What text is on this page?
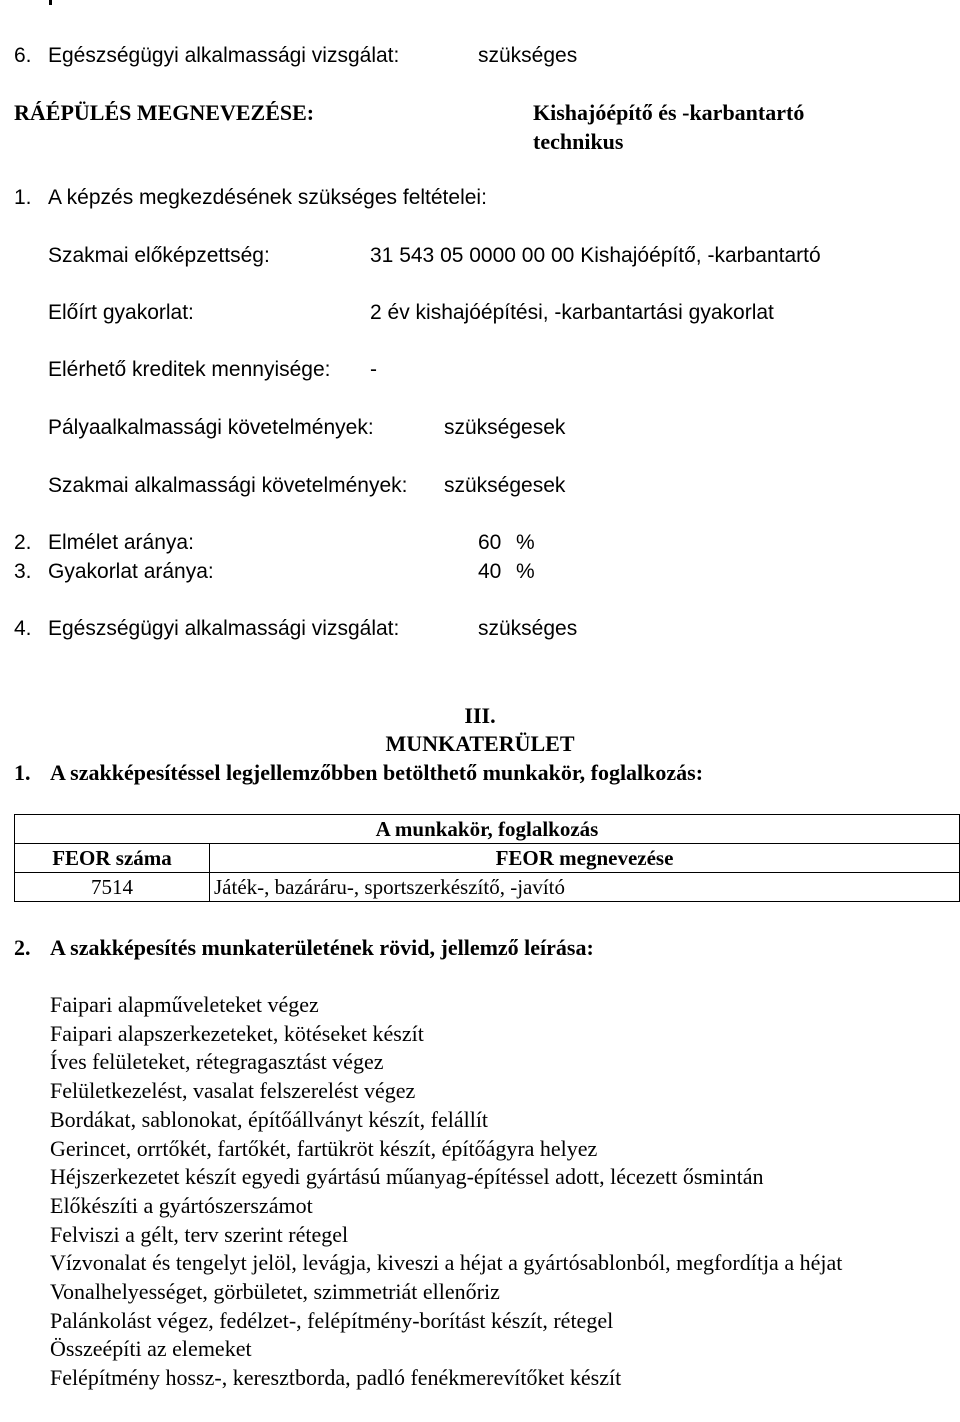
6. Egészségügyi alkalmassági vizsgálat:	szükséges
RÁÉPÜLÉS MEGNEVEZÉSE:	Kishajóépítő és -karbantartó
technikus
1. A képzés megkezdésének szükséges feltételei:
Szakmai előképzettség:	31 543 05 0000 00 00 Kishajóépítő, -karbantartó
Előírt gyakorlat:	2 év kishajóépítési, -karbantartási gyakorlat
Elérhető kreditek mennyisége: -
Pályaalkalmassági követelmények:	szükségesek
Szakmai alkalmassági követelmények: szükségesek
2. Elmélet aránya:	60 %
3. Gyakorlat aránya:	40 %
4. Egészségügyi alkalmassági vizsgálat:	szükséges
III.
MUNKATERÜLET
1. A szakképesítéssel legjellemzőbben betölthető munkakör, foglalkozás:
A munkakör, foglalkozás	
FEOR száma	FEOR megnevezése
7514	Játék-, bazáráru-, sportszerkészítő, -javító
2. A szakképesítés munkaterületének rövid, jellemző leírása:
Faipari alapműveleteket végez
Faipari alapszerkezeteket, kötéseket készít
Íves felületeket, rétegragasztást végez
Felületkezelést, vasalat felszerelést végez
Bordákat, sablonokat, építőállványt készít, felállít
Gerincet, orrtőkét, fartőkét, fartükröt készít, építőágyra helyez
Héjszerkezetet készít egyedi gyártású műanyag-építéssel adott, lécezett ősmintán
Előkészíti a gyártószerszámot
Felviszi a gélt, terv szerint rétegel
Vízvonalat és tengelyt jelöl, levágja, kiveszi a héjat a gyártósablonból, megfordítja a héjat
Vonalhelyességet, görbületet, szimmetriát ellenőriz
Palánkolást végez, fedélzet-, felépítmény-borítást készít, rétegel
Összeépíti az elemeket
Felépítmény hossz-, keresztborda, padló fenékmerevítőket készít
